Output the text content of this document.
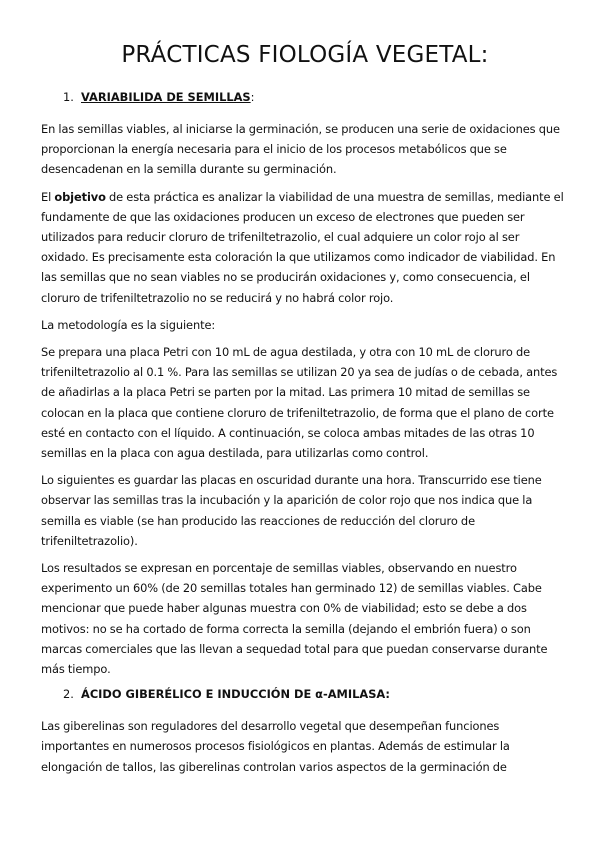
PRÁCTICAS FIOLOGÍA VEGETAL:
1. VARIABILIDA DE SEMILLAS:

En las semillas viables, al iniciarse la germinación, se producen una serie de oxidaciones que proporcionan la energía necesaria para el inicio de los procesos metabólicos que se desencadenan en la semilla durante su germinación.

El objetivo de esta práctica es analizar la viabilidad de una muestra de semillas, mediante el fundamente de que las oxidaciones producen un exceso de electrones que pueden ser utilizados para reducir cloruro de trifeniltetrazolio, el cual adquiere un color rojo al ser oxidado. Es precisamente esta coloración la que utilizamos como indicador de viabilidad. En las semillas que no sean viables no se producirán oxidaciones y, como consecuencia, el cloruro de trifeniltetrazolio no se reducirá y no habrá color rojo.

La metodología es la siguiente:

Se prepara una placa Petri con 10 mL de agua destilada, y otra con 10 mL de cloruro de trifeniltetrazolio al 0.1 %. Para las semillas se utilizan 20 ya sea de judías o de cebada, antes de añadirlas a la placa Petri se parten por la mitad. Las primera 10 mitad de semillas se colocan en la placa que contiene cloruro de trifeniltetrazolio, de forma que el plano de corte esté en contacto con el líquido. A continuación, se coloca ambas mitades de las otras 10 semillas en la placa con agua destilada, para utilizarlas como control.

Lo siguientes es guardar las placas en oscuridad durante una hora. Transcurrido ese tiene observar las semillas tras la incubación y la aparición de color rojo que nos indica que la semilla es viable (se han producido las reacciones de reducción del cloruro de trifeniltetrazolio).

Los resultados se expresan en porcentaje de semillas viables, observando en nuestro experimento un 60% (de 20 semillas totales han germinado 12) de semillas viables. Cabe mencionar que puede haber algunas muestra con 0% de viabilidad; esto se debe a dos motivos: no se ha cortado de forma correcta la semilla (dejando el embrión fuera) o son marcas comerciales que las llevan a sequedad total para que puedan conservarse durante más tiempo.

2. ÁCIDO GIBERÉLICO E INDUCCIÓN DE α-AMILASA:

Las giberelinas son reguladores del desarrollo vegetal que desempeñan funciones importantes en numerosos procesos fisiológicos en plantas. Además de estimular la elongación de tallos, las giberelinas controlan varios aspectos de la germinación de
